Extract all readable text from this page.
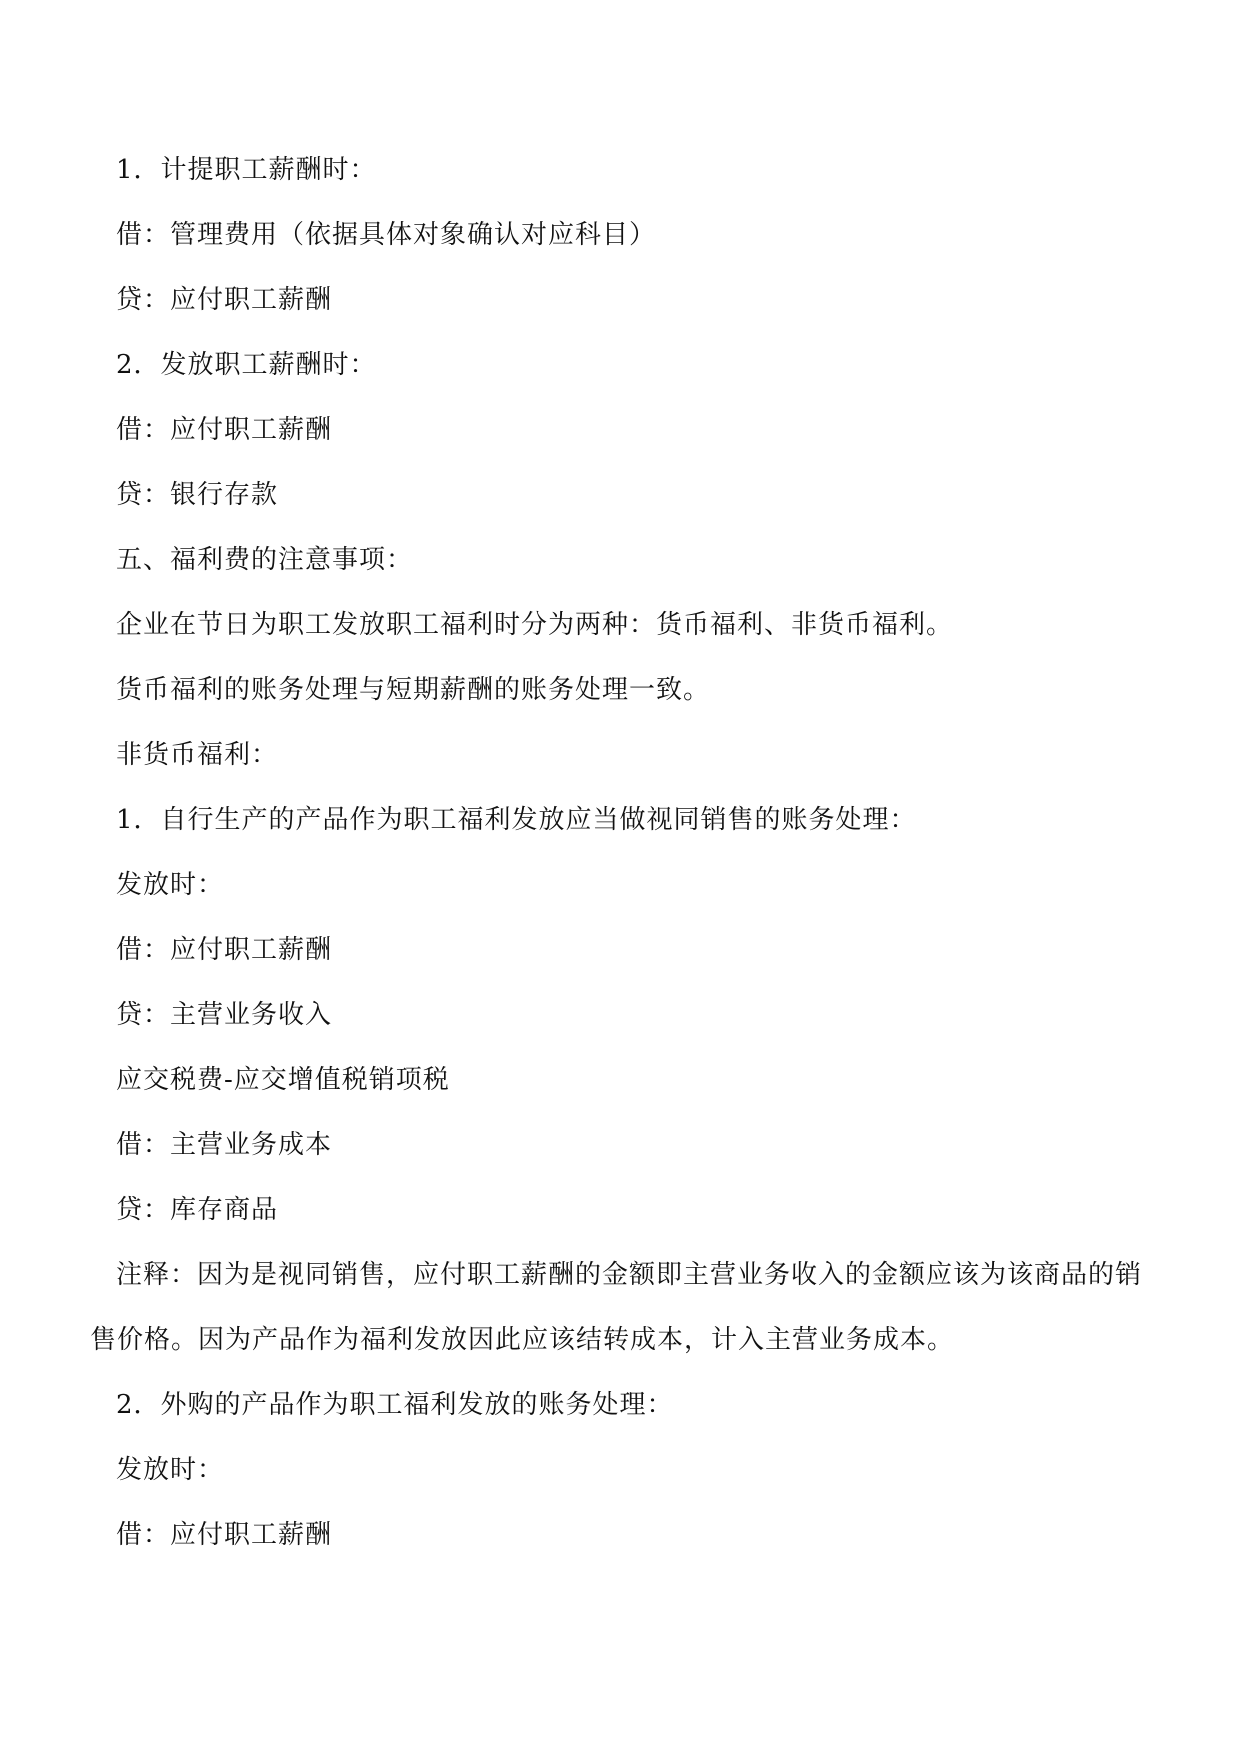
1．计提职工薪酬时：
借：管理费用（依据具体对象确认对应科目）
贷：应付职工薪酬
2．发放职工薪酬时：
借：应付职工薪酬
贷：银行存款
五、福利费的注意事项：
企业在节日为职工发放职工福利时分为两种：货币福利、非货币福利。
货币福利的账务处理与短期薪酬的账务处理一致。
非货币福利：
1．自行生产的产品作为职工福利发放应当做视同销售的账务处理：
发放时：
借：应付职工薪酬
贷：主营业务收入
应交税费-应交增值税销项税
借：主营业务成本
贷：库存商品
注释：因为是视同销售，应付职工薪酬的金额即主营业务收入的金额应该为该商品的销售价格。因为产品作为福利发放因此应该结转成本，计入主营业务成本。
2．外购的产品作为职工福利发放的账务处理：
发放时：
借：应付职工薪酬
